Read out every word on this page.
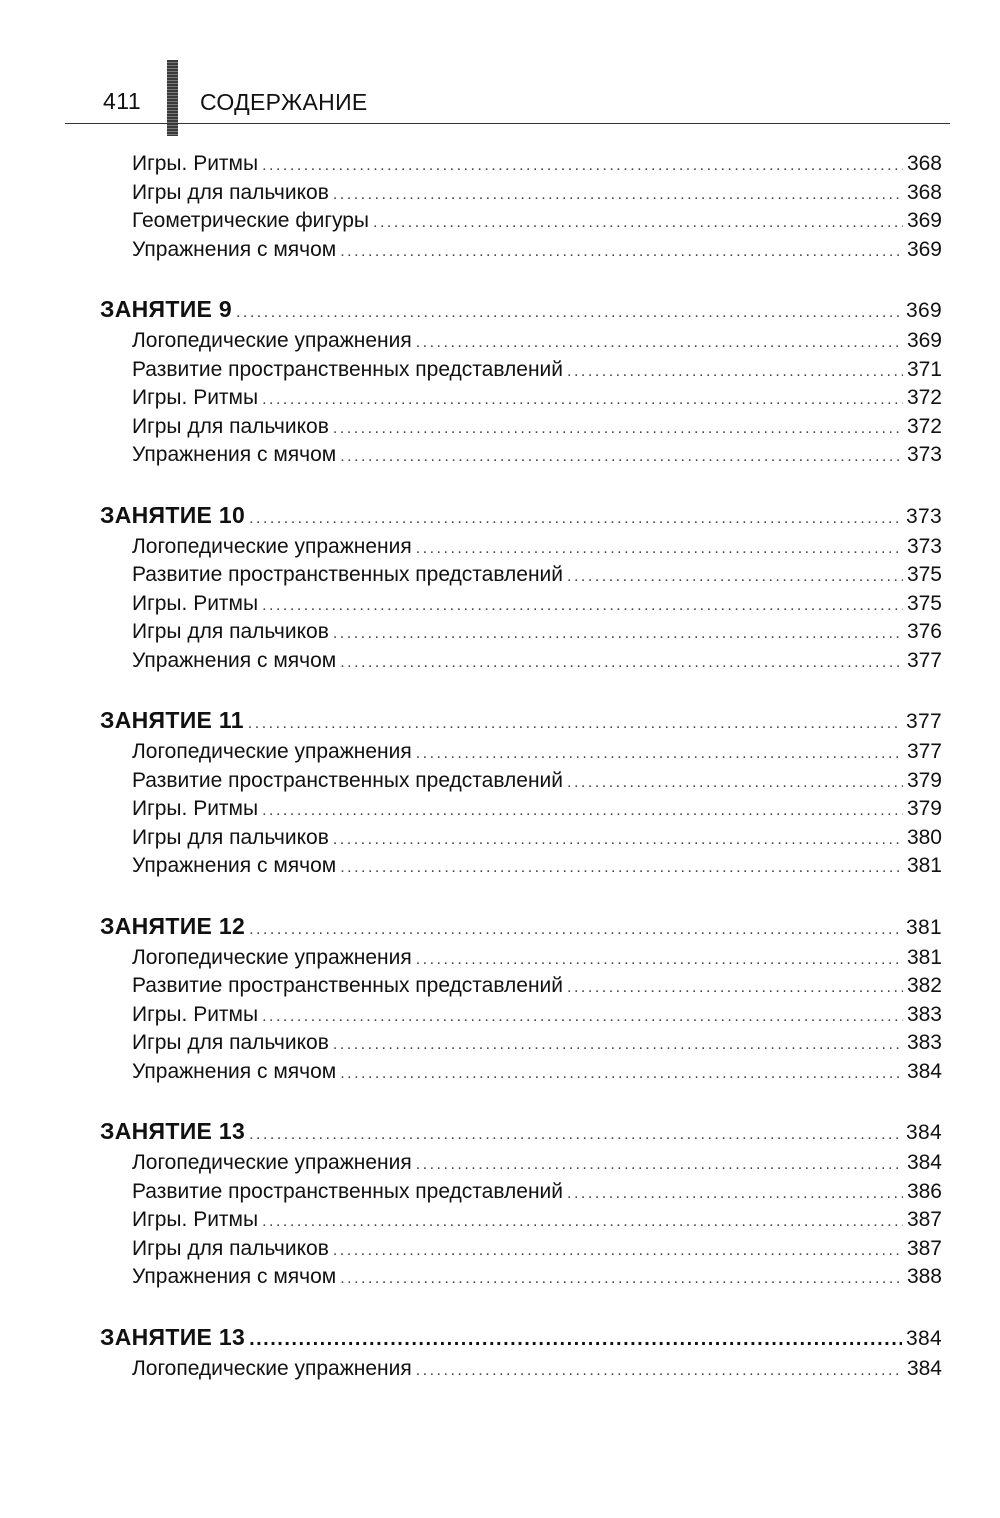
411	СОДЕРЖАНИЕ
Игры. Ритмы .....	368
Игры для пальчиков .....	368
Геометрические фигуры .....	369
Упражнения с мячом .....	369
ЗАНЯТИЕ 9 .....	369
Логопедические упражнения .....	369
Развитие пространственных представлений .....	371
Игры. Ритмы .....	372
Игры для пальчиков .....	372
Упражнения с мячом .....	373
ЗАНЯТИЕ 10 .....	373
Логопедические упражнения .....	373
Развитие пространственных представлений .....	375
Игры. Ритмы .....	375
Игры для пальчиков .....	376
Упражнения с мячом .....	377
ЗАНЯТИЕ 11 .....	377
Логопедические упражнения .....	377
Развитие пространственных представлений .....	379
Игры. Ритмы .....	379
Игры для пальчиков .....	380
Упражнения с мячом .....	381
ЗАНЯТИЕ 12 .....	381
Логопедические упражнения .....	381
Развитие пространственных представлений .....	382
Игры. Ритмы .....	383
Игры для пальчиков .....	383
Упражнения с мячом .....	384
ЗАНЯТИЕ 13 .....	384
Логопедические упражнения .....	384
Развитие пространственных представлений .....	386
Игры. Ритмы .....	387
Игры для пальчиков .....	387
Упражнения с мячом .....	388
ЗАНЯТИЕ 13 .....	384
Логопедические упражнения .....	384
